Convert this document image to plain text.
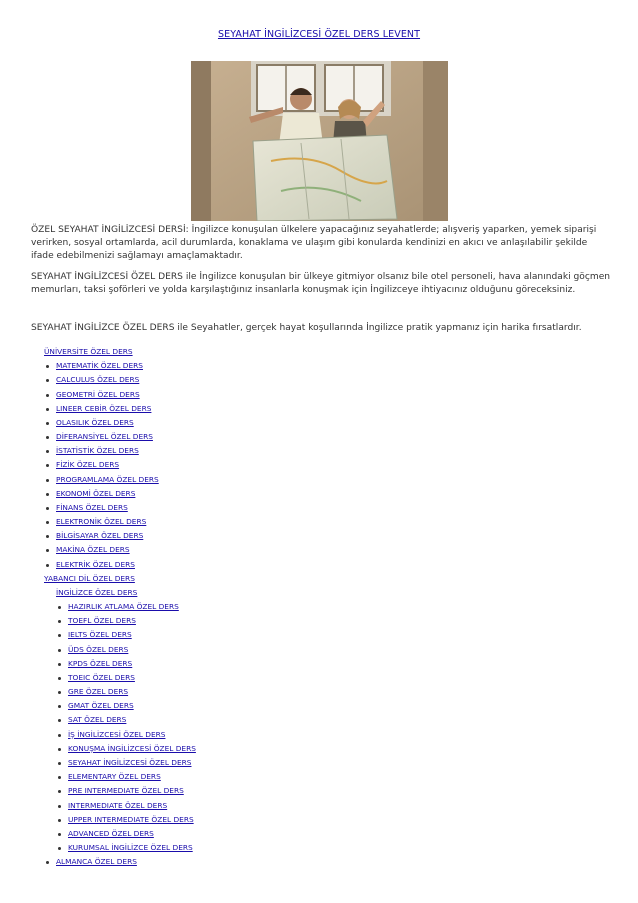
SEYAHAT İNGİLİZCESİ ÖZEL DERS LEVENT

ÖZEL SEYAHAT İNGİLİZCESİ DERSİ: İngilizce konuşulan ülkelere yapacağınız seyahatlerde; alışveriş yaparken, yemek siparişi verirken, sosyal ortamlarda, acil durumlarda, konaklama ve ulaşım gibi konularda kendinizi en akıcı ve anlaşılabilir şekilde ifade edebilmenizi sağlamayı amaçlamaktadır.

SEYAHAT İNGİLİZCESİ ÖZEL DERS ile İngilizce konuşulan bir ülkeye gitmiyor olsanız bile otel personeli, hava alanındaki göçmen memurları, taksi şoförleri ve yolda karşılaştığınız insanlarla konuşmak için İngilizceye ihtiyacınız olduğunu göreceksiniz.

SEYAHAT İNGİLİZCE ÖZEL DERS ile Seyahatler, gerçek hayat koşullarında İngilizce pratik yapmanız için harika fırsatlardır.

ÜNİVERSİTE ÖZEL DERS
MATEMATİK ÖZEL DERS
CALCULUS ÖZEL DERS
GEOMETRİ ÖZEL DERS
LINEER CEBİR ÖZEL DERS
OLASILIK ÖZEL DERS
DİFERANSİYEL ÖZEL DERS
İSTATİSTİK ÖZEL DERS
FİZİK ÖZEL DERS
PROGRAMLAMA ÖZEL DERS
EKONOMİ ÖZEL DERS
FİNANS ÖZEL DERS
ELEKTRONİK ÖZEL DERS
BİLGİSAYAR ÖZEL DERS
MAKİNA ÖZEL DERS
ELEKTRİK ÖZEL DERS
YABANCI DİL ÖZEL DERS
İNGİLİZCE ÖZEL DERS
HAZIRLIK ATLAMA ÖZEL DERS
TOEFL ÖZEL DERS
IELTS ÖZEL DERS
ÜDS ÖZEL DERS
KPDS ÖZEL DERS
TOEIC ÖZEL DERS
GRE ÖZEL DERS
GMAT ÖZEL DERS
SAT ÖZEL DERS
İŞ İNGİLİZCESİ ÖZEL DERS
KONUŞMA İNGİLİZCESİ ÖZEL DERS
SEYAHAT İNGİLİZCESİ ÖZEL DERS
ELEMENTARY ÖZEL DERS
PRE INTERMEDIATE ÖZEL DERS
INTERMEDIATE ÖZEL DERS
UPPER INTERMEDIATE ÖZEL DERS
ADVANCED ÖZEL DERS
KURUMSAL İNGİLİZCE ÖZEL DERS
ALMANCA ÖZEL DERS
